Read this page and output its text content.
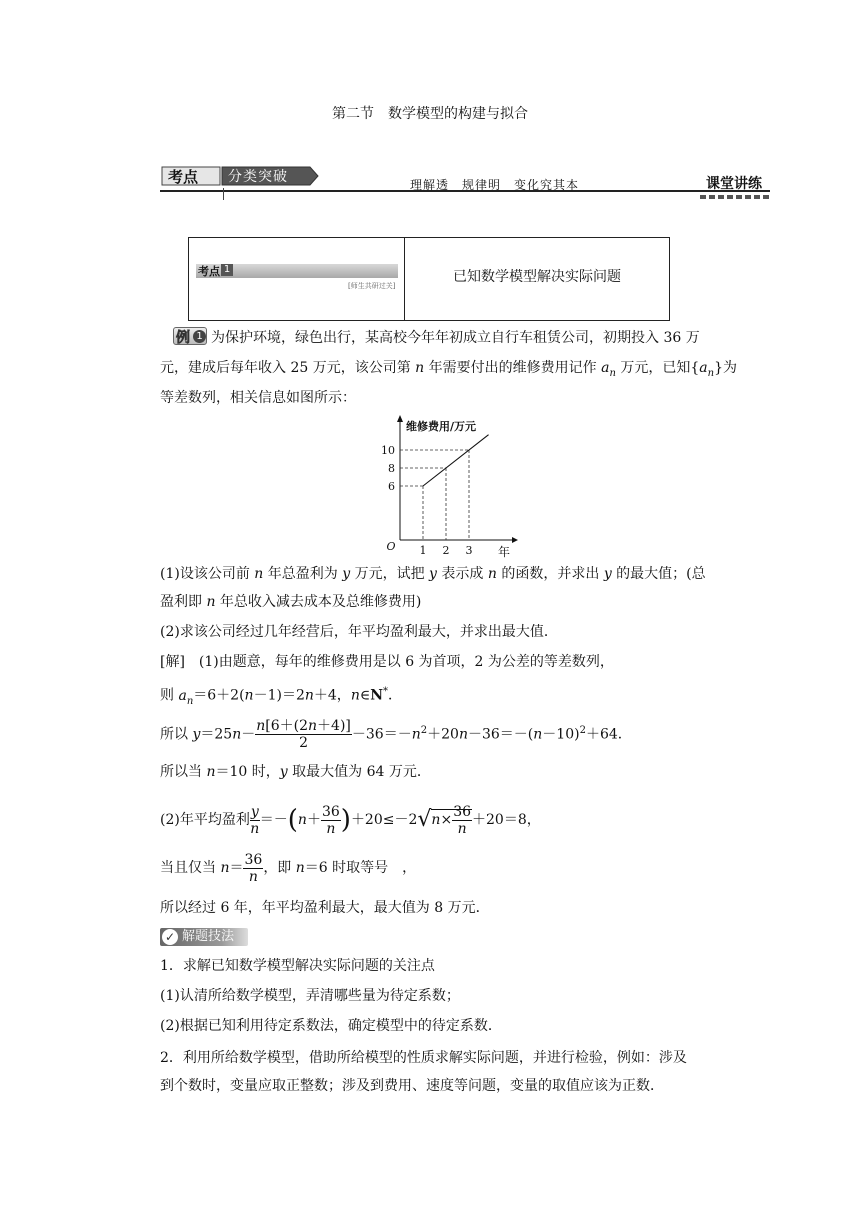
第二节　数学模型的构建与拟合
考点 分类突破	理解透　规律明　变化究其本	课堂讲练
考点 1
[师生共研过关]
已知数学模型解决实际问题
例 1 为保护环境，绿色出行，某高校今年年初成立自行车租赁公司，初期投入 36 万
元，建成后每年收入 25 万元，该公司第 n 年需要付出的维修费用记作 $a_n$ 万元，已知$\{a_n\}$为
等差数列，相关信息如图所示：
1 2 3
6
8
10
O	年
维修费用/万元
(1)设该公司前 n 年总盈利为 y 万元，试把 y 表示成 n 的函数，并求出 y 的最大值；(总
盈利即 n 年总收入减去成本及总维修费用)
(2)求该公司经过几年经营后，年平均盈利最大，并求出最大值．
[解]　(1)由题意，每年的维修费用是以 6 为首项，2 为公差的等差数列，
则 $a_n=6+2(n-1)=2n+4$，n∈N*．
所以 $y=25n- \frac{n[6+(2n+4)]}{2} -36=-n^2+20n-36=-(n-10)^2+64$．
所以当 n＝10 时，y 取最大值为 64 万元．
(2)年平均盈利 $\frac{y}{n} =-(n+ \frac{36}{n} )+20\le-2√n\times \frac{36}{n} +20=8$，
当且仅当 $n= \frac{36}{n}$ ，即 n＝6 时取等号　，
所以经过 6 年，年平均盈利最大，最大值为 8 万元．
✓ 解题技法
1．求解已知数学模型解决实际问题的关注点
(1)认清所给数学模型，弄清哪些量为待定系数；
(2)根据已知利用待定系数法，确定模型中的待定系数．
2．利用所给数学模型，借助所给模型的性质求解实际问题，并进行检验，例如：涉及
到个数时，变量应取正整数；涉及到费用、速度等问题，变量的取值应该为正数．
